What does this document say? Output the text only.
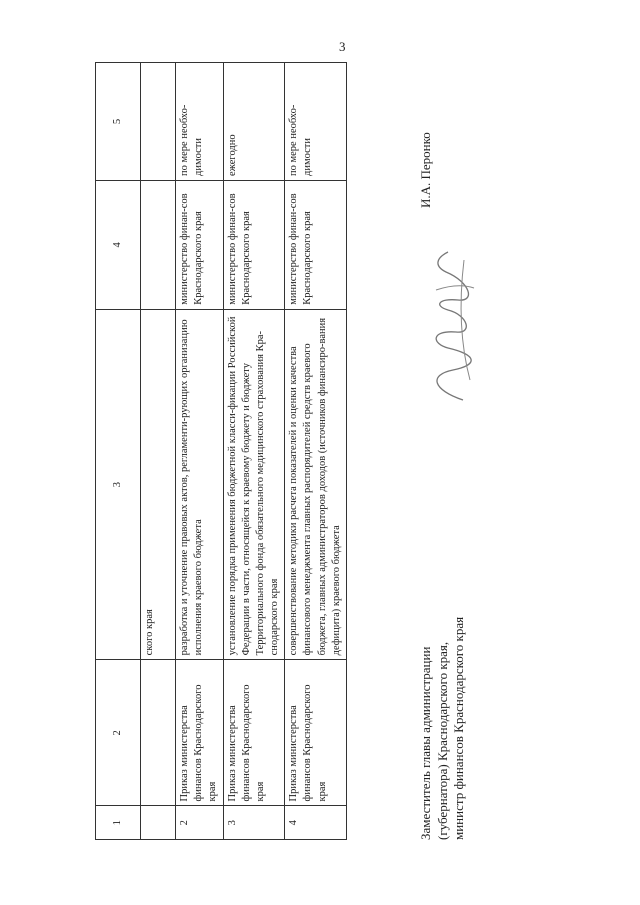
3
1	2	3	4	5
		ского края		
2	Приказ министерства финансов Краснодарского края	разработка и уточнение правовых актов, регламенти-рующих организацию исполнения краевого бюджета	министерство финан-сов Краснодарского края	по мере необхо-димости
3	Приказ министерства финансов Краснодарского края	установление порядка применения бюджетной класси-фикации Российской Федерации в части, относящейся к краевому бюджету и бюджету Территориального фонда обязательного медицинского страхования Кра-снодарского края	министерство финан-сов Краснодарского края	ежегодно
4	Приказ министерства финансов Краснодарского края	совершенствование методики расчета показателей и оценки качества финансового менеджмента главных распорядителей средств краевого бюджета, главных администраторов доходов (источников финансиро-вания дефицита) краевого бюджета	министерство финан-сов Краснодарского края	по мере необхо-димости
Заместитель главы администрации (губернатора) Краснодарского края, министр финансов Краснодарского края
И.А. Перонко
